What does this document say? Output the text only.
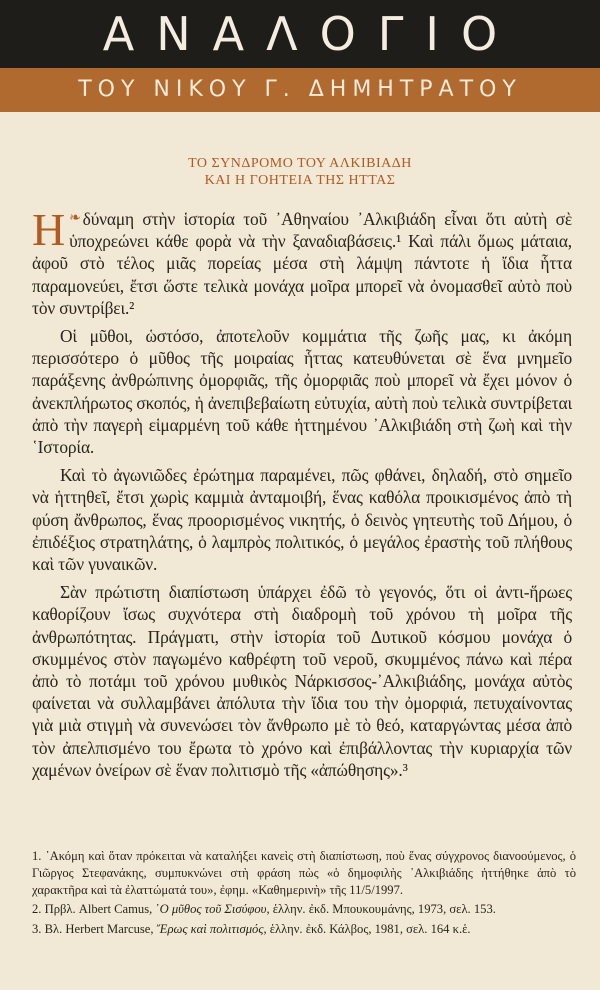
ΑΝΑΛΟΓΙΟ
ΤΟΥ ΝΙΚΟΥ Γ. ΔΗΜΗΤΡΑΤΟΥ
ΤΟ ΣΥΝΔΡΟΜΟ ΤΟΥ ΑΛΚΙΒΙΑΔΗ
ΚΑΙ Η ΓΟΗΤΕΙΑ ΤΗΣ ΗΤΤΑΣ

❧
Η δύναμη στὴν ἱστορία τοῦ ᾽Αθηναίου ᾽Αλκιβιάδη εἶναι ὅτι αὐτὴ σὲ ὑποχρεώνει κάθε φορὰ νὰ τὴν ξαναδιαβάσεις.¹ Καὶ πάλι ὅμως μάταια, ἀφοῦ στὸ τέλος μιᾶς πορείας μέσα στὴ λάμψη πάντοτε ἡ ἴδια ἧττα παραμονεύει, ἔτσι ὥστε τελικὰ μονάχα μοῖρα μπορεῖ νὰ ὀνομασθεῖ αὐτὸ ποὺ τὸν συντρίβει.²

Οἱ μῦθοι, ὡστόσο, ἀποτελοῦν κομμάτια τῆς ζωῆς μας, κι ἀκόμη περισσότερο ὁ μῦθος τῆς μοιραίας ἧττας κατευθύνεται σὲ ἕνα μνημεῖο παράξενης ἀνθρώπινης ὀμορφιᾶς, τῆς ὀμορφιᾶς ποὺ μπορεῖ νὰ ἔχει μόνον ὁ ἀνεκπλήρωτος σκοπός, ἡ ἀνεπιβεβαίωτη εὐτυχία, αὐτὴ ποὺ τελικὰ συντρίβεται ἀπὸ τὴν παγερὴ εἱμαρμένη τοῦ κάθε ἡττημένου ᾽Αλκιβιάδη στὴ ζωὴ καὶ τὴν ῾Ιστορία.

Καὶ τὸ ἀγωνιῶδες ἐρώτημα παραμένει, πῶς φθάνει, δηλαδή, στὸ σημεῖο νὰ ἡττηθεῖ, ἔτσι χωρὶς καμμιὰ ἀνταμοιβή, ἕνας καθόλα προικισμένος ἀπὸ τὴ φύση ἄνθρωπος, ἕνας προορισμένος νικητής, ὁ δεινὸς γητευτὴς τοῦ Δήμου, ὁ ἐπιδέξιος στρατηλάτης, ὁ λαμπρὸς πολιτικός, ὁ μεγάλος ἐραστὴς τοῦ πλήθους καὶ τῶν γυναικῶν.

Σὰν πρώτιστη διαπίστωση ὑπάρχει ἐδῶ τὸ γεγονός, ὅτι οἱ ἀντι-ἥρωες καθορίζουν ἴσως συχνότερα στὴ διαδρομὴ τοῦ χρόνου τὴ μοῖρα τῆς ἀνθρωπότητας. Πράγματι, στὴν ἱστορία τοῦ Δυτικοῦ κόσμου μονάχα ὁ σκυμμένος στὸν παγωμένο καθρέφτη τοῦ νεροῦ, σκυμμένος πάνω καὶ πέρα ἀπὸ τὸ ποτάμι τοῦ χρόνου μυθικὸς Νάρκισσος-᾽Αλκιβιάδης, μονάχα αὐτὸς φαίνεται νὰ συλλαμβάνει ἀπόλυτα τὴν ἴδια του τὴν ὀμορφιά, πετυχαίνοντας γιὰ μιὰ στιγμὴ νὰ συνενώσει τὸν ἄνθρωπο μὲ τὸ θεό, καταργώντας μέσα ἀπὸ τὸν ἀπελπισμένο του ἔρωτα τὸ χρόνο καὶ ἐπιβάλλοντας τὴν κυριαρχία τῶν χαμένων ὀνείρων σὲ ἕναν πολιτισμὸ τῆς «ἀπώθησης».³

1. ᾽Ακόμη καὶ ὅταν πρόκειται νὰ καταλήξει κανεὶς στὴ διαπίστωση, ποὺ ἕνας σύγχρονος διανοούμενος, ὁ Γιῶργος Στεφανάκης, συμπυκνώνει στὴ φράση πὼς «ὁ δημοφιλὴς ᾽Αλκιβιάδης ἡττήθηκε ἀπὸ τὸ χαρακτῆρα καὶ τὰ ἐλαττώματά του», ἐφημ. «Καθημερινὴ» τῆς 11/5/1997.

2. Πρβλ. Albert Camus, ῾Ο μῦθος τοῦ Σισύφου, ἑλλην. ἐκδ. Μπουκουμάνης, 1973, σελ. 153.

3. Βλ. Herbert Marcuse, Ἔρως καὶ πολιτισμός, ἑλλην. ἐκδ. Κάλβος, 1981, σελ. 164 κ.ἑ.
